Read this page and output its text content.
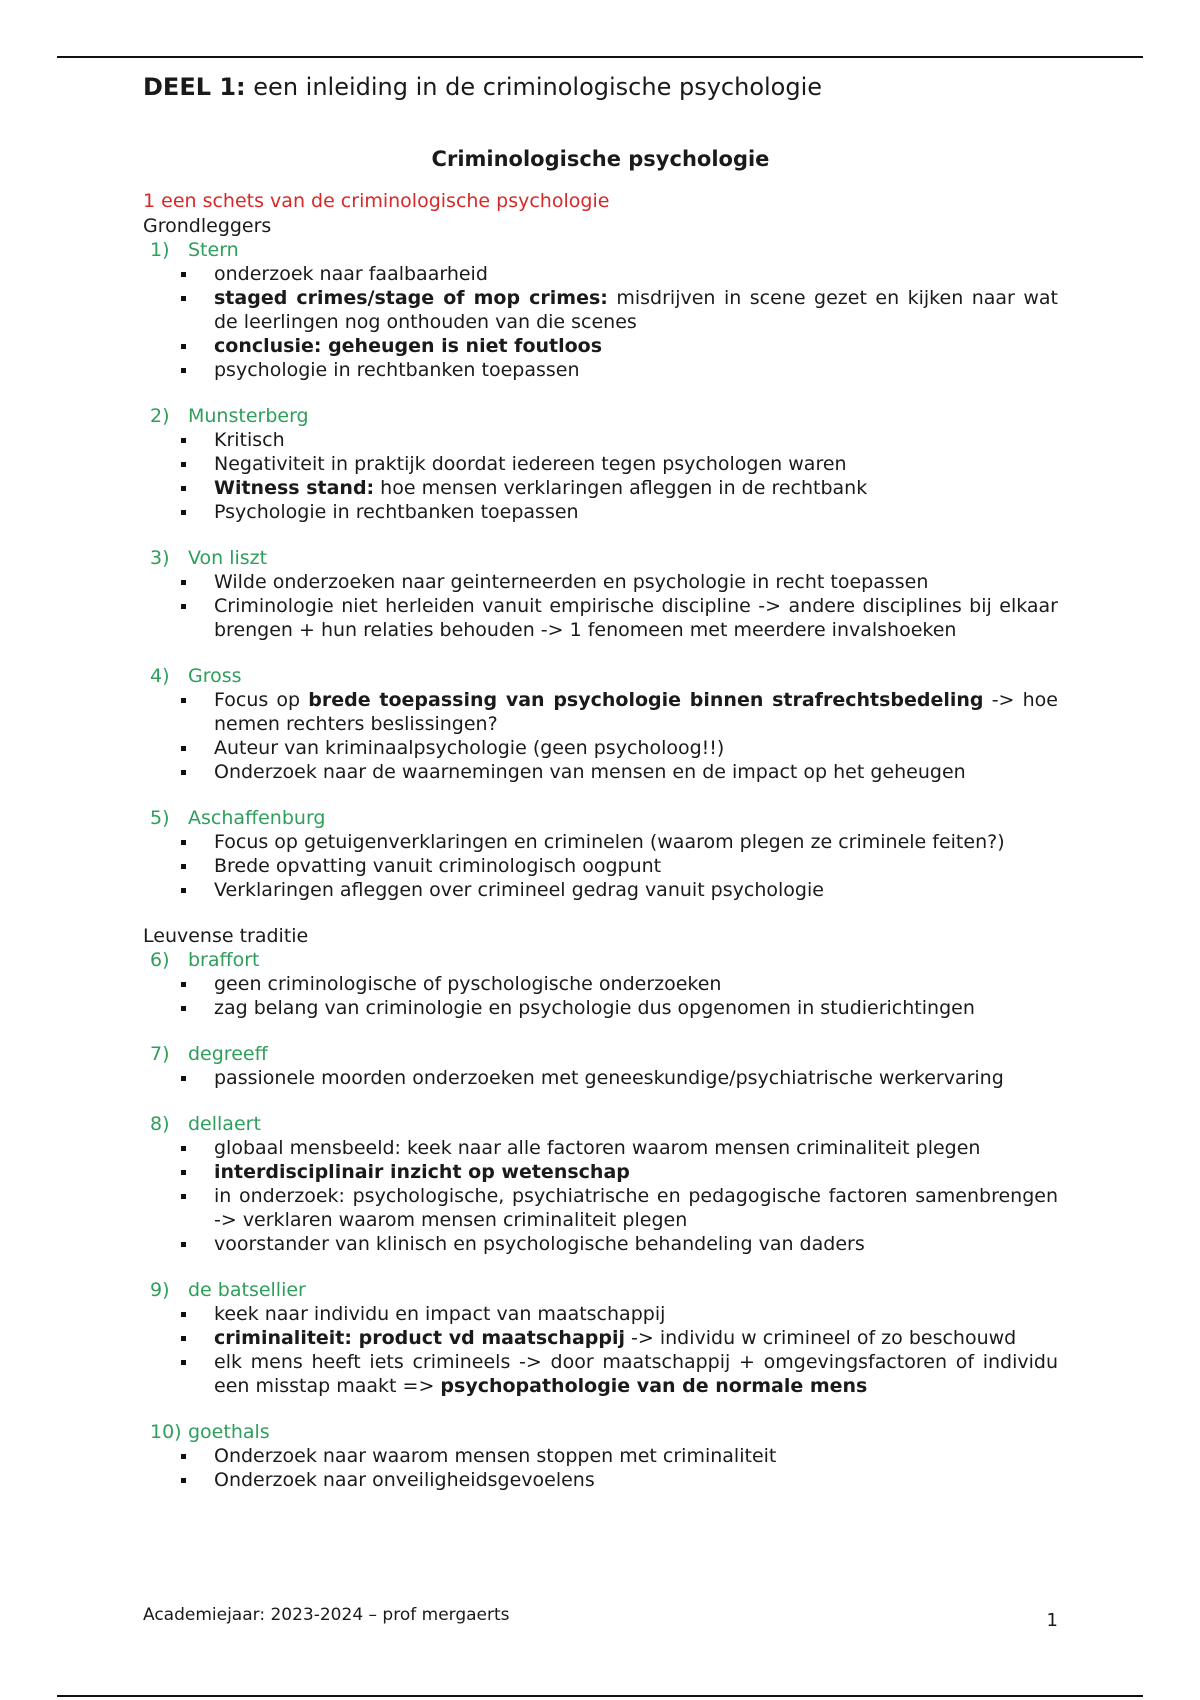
DEEL 1: een inleiding in de criminologische psychologie
Criminologische psychologie
1 een schets van de criminologische psychologie
Grondleggers
1) Stern
onderzoek naar faalbaarheid
staged crimes/stage of mop crimes: misdrijven in scene gezet en kijken naar wat de leerlingen nog onthouden van die scenes
conclusie: geheugen is niet foutloos
psychologie in rechtbanken toepassen
2) Munsterberg
Kritisch
Negativiteit in praktijk doordat iedereen tegen psychologen waren
Witness stand: hoe mensen verklaringen afleggen in de rechtbank
Psychologie in rechtbanken toepassen
3) Von liszt
Wilde onderzoeken naar geinterneerden en psychologie in recht toepassen
Criminologie niet herleiden vanuit empirische discipline -> andere disciplines bij elkaar brengen + hun relaties behouden -> 1 fenomeen met meerdere invalshoeken
4) Gross
Focus op brede toepassing van psychologie binnen strafrechtsbedeling -> hoe nemen rechters beslissingen?
Auteur van kriminaalpsychologie (geen psycholoog!!)
Onderzoek naar de waarnemingen van mensen en de impact op het geheugen
5) Aschaffenburg
Focus op getuigenverklaringen en criminelen (waarom plegen ze criminele feiten?)
Brede opvatting vanuit criminologisch oogpunt
Verklaringen afleggen over crimineel gedrag vanuit psychologie
Leuvense traditie
6) braffort
geen criminologische of pyschologische onderzoeken
zag belang van criminologie en psychologie dus opgenomen in studierichtingen
7) degreeff
passionele moorden onderzoeken met geneeskundige/psychiatrische werkervaring
8) dellaert
globaal mensbeeld: keek naar alle factoren waarom mensen criminaliteit plegen
interdisciplinair inzicht op wetenschap
in onderzoek: psychologische, psychiatrische en pedagogische factoren samenbrengen -> verklaren waarom mensen criminaliteit plegen
voorstander van klinisch en psychologische behandeling van daders
9) de batsellier
keek naar individu en impact van maatschappij
criminaliteit: product vd maatschappij -> individu w crimineel of zo beschouwd
elk mens heeft iets crimineels -> door maatschappij + omgevingsfactoren of individu een misstap maakt => psychopathologie van de normale mens
10) goethals
Onderzoek naar waarom mensen stoppen met criminaliteit
Onderzoek naar onveiligheidsgevoelens
Academiejaar: 2023-2024 – prof mergaerts	1
